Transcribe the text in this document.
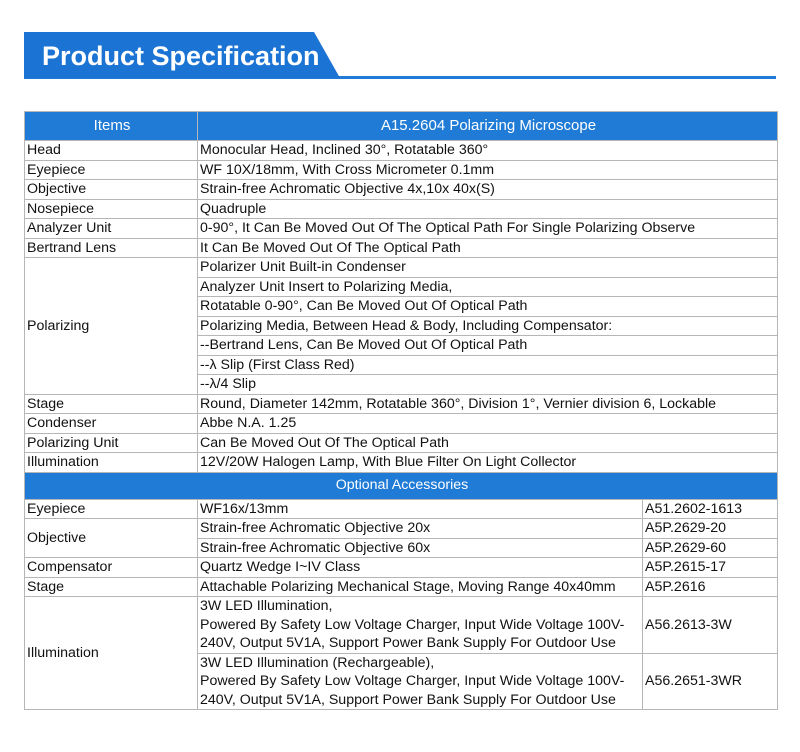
Product Specification
Items	A15.2604 Polarizing Microscope	
Head	Monocular Head, Inclined 30°, Rotatable 360°	
Eyepiece	WF 10X/18mm, With Cross Micrometer 0.1mm	
Objective	Strain-free Achromatic Objective 4x,10x 40x(S)	
Nosepiece	Quadruple	
Analyzer Unit	0-90°, It Can Be Moved Out Of The Optical Path For Single Polarizing Observe	
Bertrand Lens	It Can Be Moved Out Of The Optical Path	
Polarizing	Polarizer Unit Built-in Condenser	
	Analyzer Unit Insert to Polarizing Media,	
	Rotatable 0-90°, Can Be Moved Out Of Optical Path	
	Polarizing Media, Between Head & Body, Including Compensator:	
	--Bertrand Lens, Can Be Moved Out Of Optical Path	
	--λ Slip (First Class Red)	
	--λ/4 Slip	
Stage	Round, Diameter 142mm, Rotatable 360°, Division 1°, Vernier division 6, Lockable	
Condenser	Abbe N.A. 1.25	
Polarizing Unit	Can Be Moved Out Of The Optical Path	
Illumination	12V/20W Halogen Lamp, With Blue Filter On Light Collector	
Optional Accessories		
Eyepiece	WF16x/13mm	A51.2602-1613
Objective	Strain-free Achromatic Objective 20x	A5P.2629-20
	Strain-free Achromatic Objective 60x	A5P.2629-60
Compensator	Quartz Wedge I~IV Class	A5P.2615-17
Stage	Attachable Polarizing Mechanical Stage, Moving Range 40x40mm	A5P.2616
Illumination	3W LED Illumination,
Powered By Safety Low Voltage Charger, Input Wide Voltage 100V-240V, Output 5V1A, Support Power Bank Supply For Outdoor Use	A56.2613-3W
	3W LED Illumination (Rechargeable),
Powered By Safety Low Voltage Charger, Input Wide Voltage 100V-240V, Output 5V1A, Support Power Bank Supply For Outdoor Use	A56.2651-3WR
